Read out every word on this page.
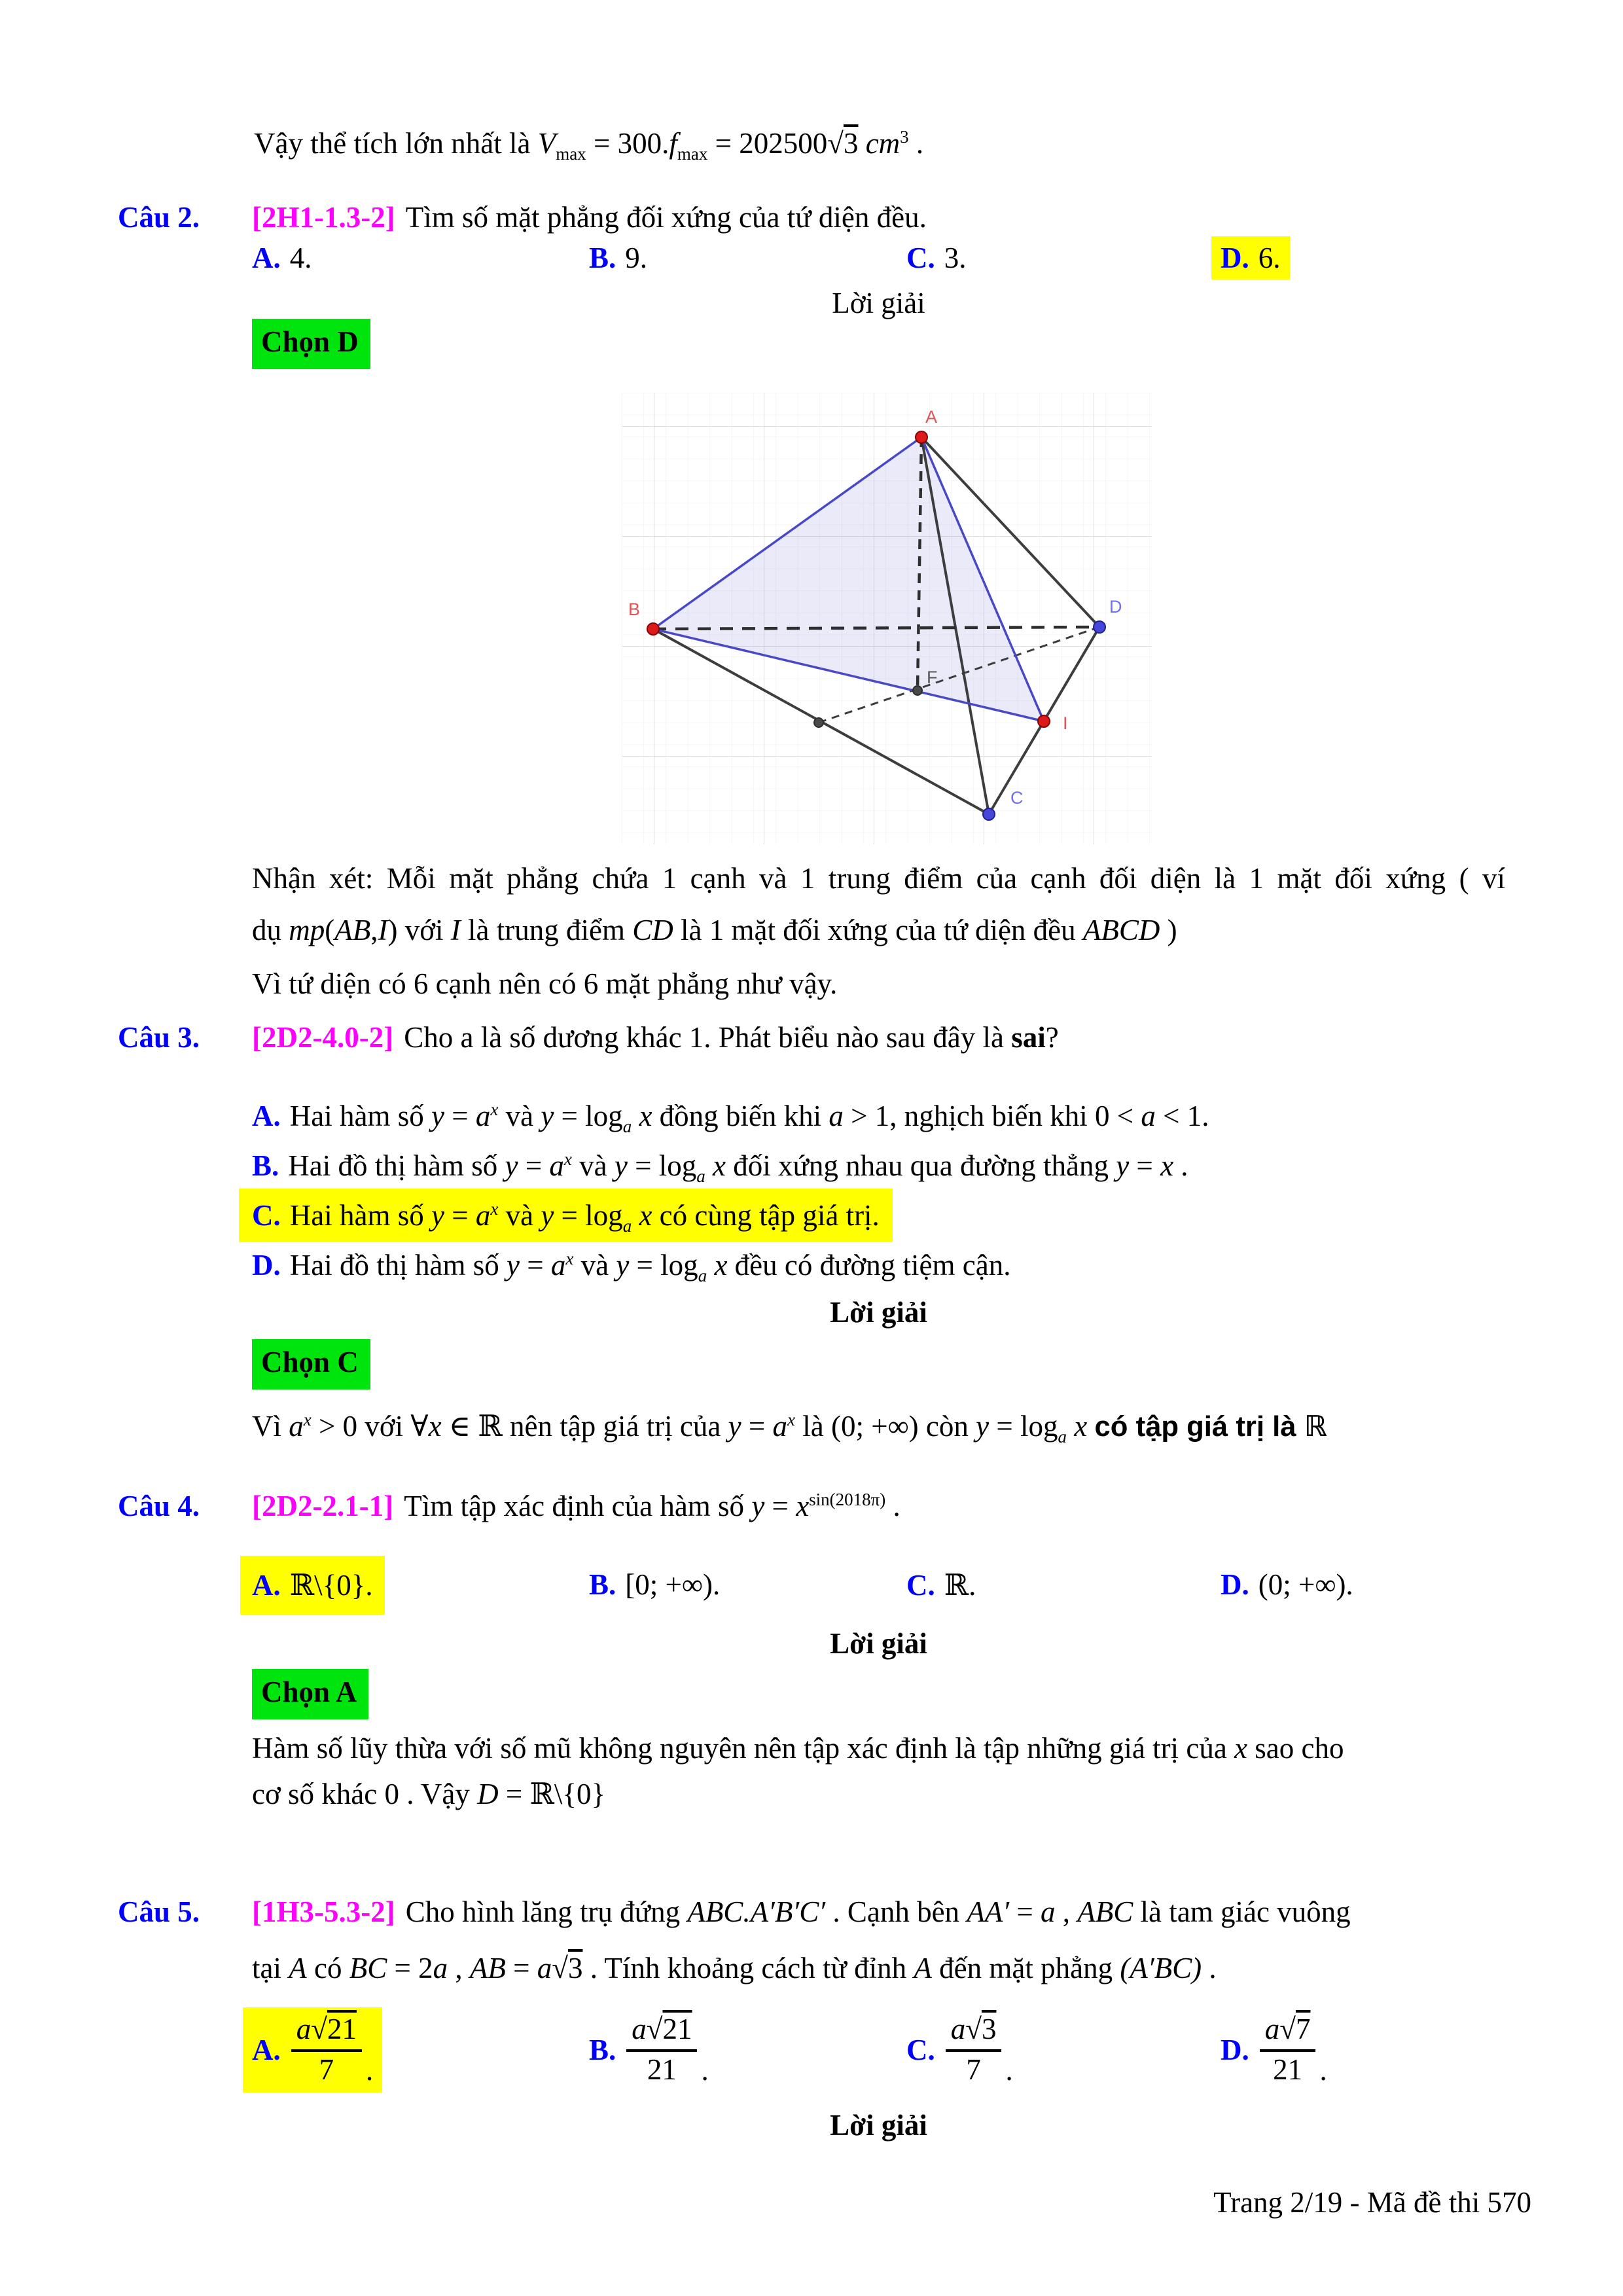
Vậy thể tích lớn nhất là $V_{max} = 300.f_{max} = 202500√3$ $cm^3$ .
Câu 2. [2H1-1.3-2] Tìm số mặt phẳng đối xứng của tứ diện đều.
A. 4.	B. 9.	C. 3.	D. 6.
Lời giải
Chọn D
A
B	D
F
I
C
Nhận xét: Mỗi mặt phẳng chứa 1 cạnh và 1 trung điểm của cạnh đối diện là 1 mặt đối xứng ( ví
dụ mp(AB,I) với I là trung điểm CD là 1 mặt đối xứng của tứ diện đều ABCD )
Vì tứ diện có 6 cạnh nên có 6 mặt phẳng như vậy.
Câu 3. [2D2-4.0-2] Cho a là số dương khác 1. Phát biểu nào sau đây là sai?
A. Hai hàm số $y = a^x$ và $y = \log_a x$ đồng biến khi a > 1, nghịch biến khi 0 < a < 1.
B. Hai đồ thị hàm số $y = a^x$ và $y = \log_a x$ đối xứng nhau qua đường thẳng y = x .
C. Hai hàm số $y = a^x$ và $y = \log_a x$ có cùng tập giá trị.
D. Hai đồ thị hàm số $y = a^x$ và $y = \log_a x$ đều có đường tiệm cận.
Lời giải
Chọn C
Vì $a^x > 0$ với ∀x ∈ ℝ nên tập giá trị của $y = a^x$ là (0; +∞) còn $y = \log_a x$ có tập giá trị là ℝ
Câu 4. [2D2-2.1-1] Tìm tập xác định của hàm số $y = x^{sin(2018\pi)}$ .
A. ℝ\{0}.	B. [0; +∞).	C. ℝ.	D. (0; +∞).
Lời giải
Chọn A
Hàm số lũy thừa với số mũ không nguyên nên tập xác định là tập những giá trị của x sao cho
cơ số khác 0 . Vậy D = ℝ\{0}
Câu 5. [1H3-5.3-2] Cho hình lăng trụ đứng ABC.A′B′C′ . Cạnh bên AA′ = a , ABC là tam giác vuông
tại A có BC = 2a , AB = a√3 . Tính khoảng cách từ đỉnh A đến mặt phẳng (A′BC) .
A. $\frac{a√21}{7}$ .
B. $\frac{a√21}{21}$ .
C. $\frac{a√3}{7}$ .
D. $\frac{a√7}{21}$ .
Lời giải
Trang 2/19 - Mã đề thi 570
